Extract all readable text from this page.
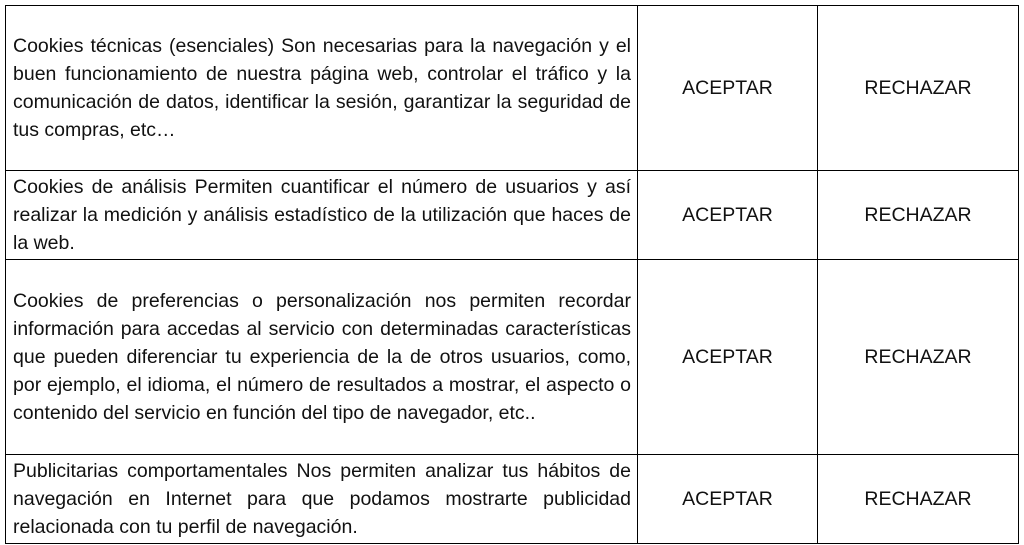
Cookies técnicas (esenciales) Son necesarias para la navegación y el buen funcionamiento de nuestra página web, controlar el tráfico y la comunicación de datos, identificar la sesión, garantizar la seguridad de tus compras, etc…	ACEPTAR	RECHAZAR
Cookies de análisis Permiten cuantificar el número de usuarios y así realizar la medición y análisis estadístico de la utilización que haces de la web.	ACEPTAR	RECHAZAR
Cookies de preferencias o personalización nos permiten recordar información para accedas al servicio con determinadas características que pueden diferenciar tu experiencia de la de otros usuarios, como, por ejemplo, el idioma, el número de resultados a mostrar, el aspecto o contenido del servicio en función del tipo de navegador, etc..	ACEPTAR	RECHAZAR
Publicitarias comportamentales Nos permiten analizar tus hábitos de navegación en Internet para que podamos mostrarte publicidad relacionada con tu perfil de navegación.	ACEPTAR	RECHAZAR
